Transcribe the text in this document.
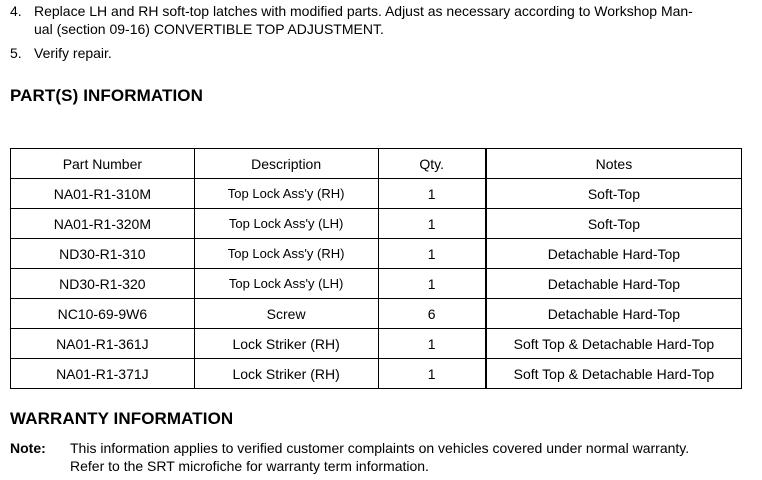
4. Replace LH and RH soft-top latches with modified parts. Adjust as necessary according to Workshop Man-
ual (section 09-16) CONVERTIBLE TOP ADJUSTMENT.
5. Verify repair.
PART(S) INFORMATION
Part Number	Description	Qty.	Notes
NA01-R1-310M	Top Lock Ass'y (RH)	1	Soft-Top
NA01-R1-320M	Top Lock Ass'y (LH)	1	Soft-Top
ND30-R1-310	Top Lock Ass'y (RH)	1	Detachable Hard-Top
ND30-R1-320	Top Lock Ass'y (LH)	1	Detachable Hard-Top
NC10-69-9W6	Screw	6	Detachable Hard-Top
NA01-R1-361J	Lock Striker (RH)	1	Soft Top & Detachable Hard-Top
NA01-R1-371J	Lock Striker (RH)	1	Soft Top & Detachable Hard-Top
WARRANTY INFORMATION
Note:	This information applies to verified customer complaints on vehicles covered under normal warranty.
Refer to the SRT microfiche for warranty term information.
